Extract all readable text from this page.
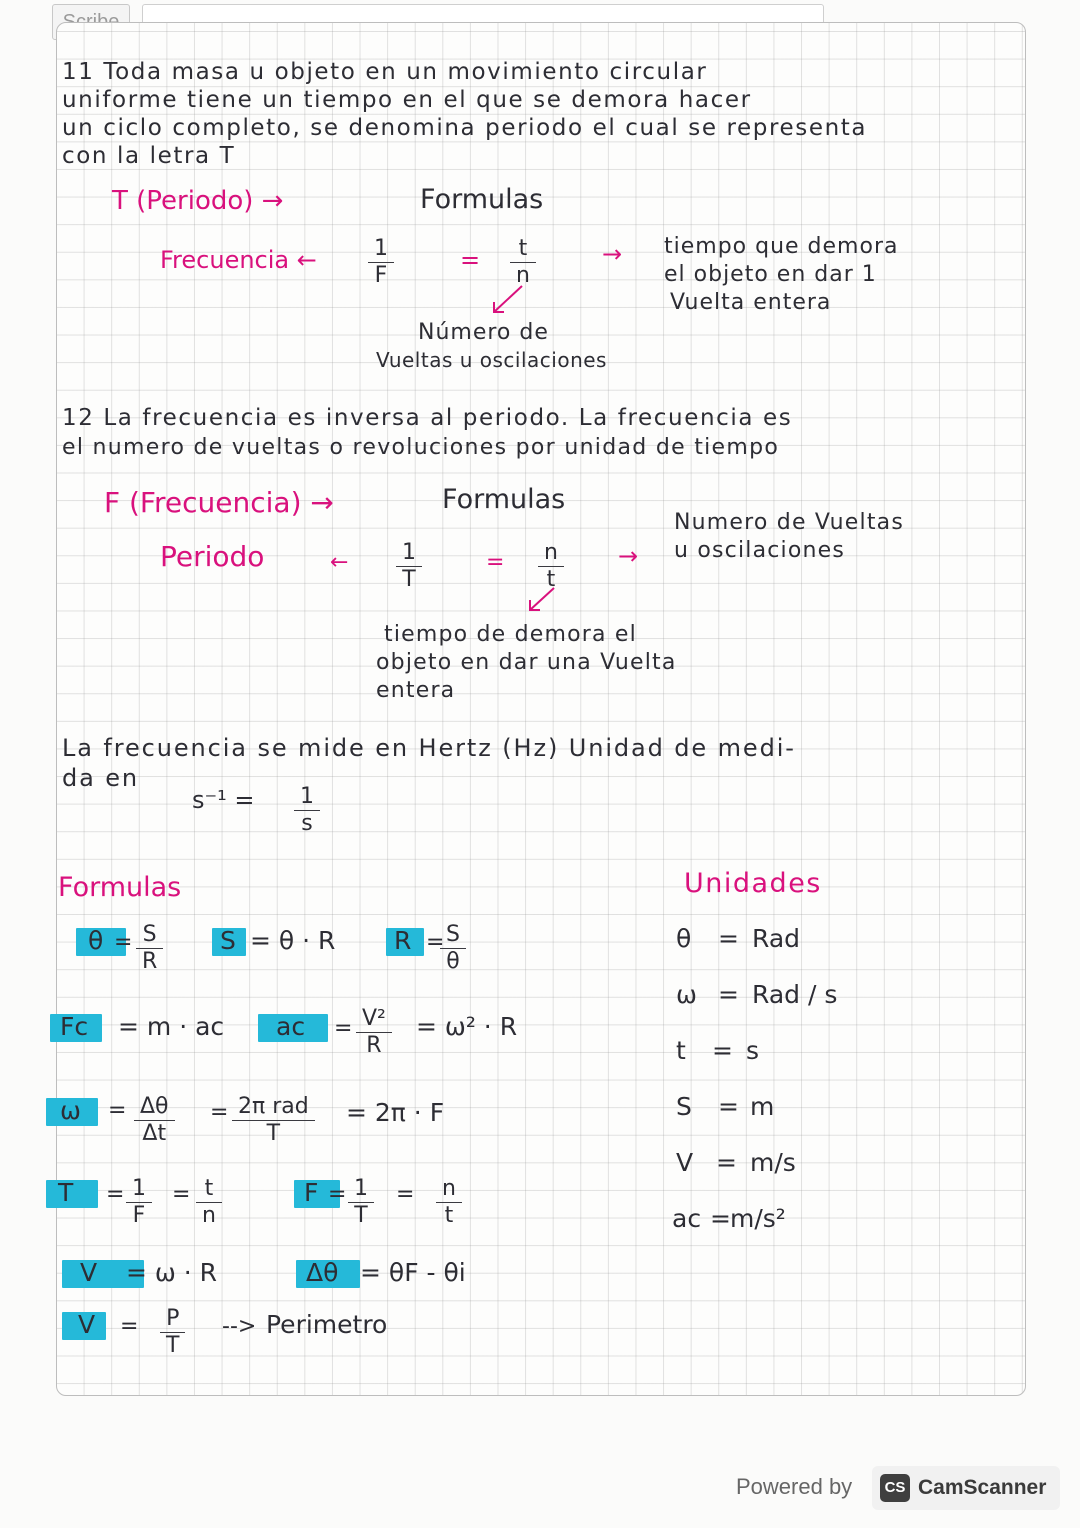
11 Toda masa u objeto en un movimiento circular
uniforme tiene un tiempo en el que se demora hacer
un ciclo completo, se denomina periodo el cual se representa
con la letra T
T (Periodo) →	Formulas
Frecuencia ← $\frac{1}{F}$	= $\frac{t}{n}$	→ tiempo que demora
el objeto en dar 1
Vuelta entera
Número de
Vueltas u oscilaciones
12 La frecuencia es inversa al periodo. La frecuencia es
el numero de vueltas o revoluciones por unidad de tiempo
F (Frecuencia) →	Formulas
Periodo	← $\frac{1}{T}$	= $\frac{n}{t}$ →
Numero de Vueltas
u oscilaciones
tiempo de demora el
objeto en dar una Vuelta
entera
La frecuencia se mide en Hertz (Hz) Unidad de medi-
da en
$s^{-1} = \frac{1}{s}$
Formulas
$\theta = \frac{S}{R}$ S = θ · R R =
$\frac{S}{\theta}$
Fc = m · ac ac = $\frac{\text{V²}}{R} = \omega^2 \cdot R$
$\omega = \frac{\Delta\theta}{\Delta t} = 2\pi$ rad
T
= 2π · F
$T = \frac{1}{F} = \frac{t}{n}$	$F = \frac{1}{T} = \frac{n}{t}$
V = ω · R	Δθ = θF - θi
$V = \frac{P}{T}$ --> Perimetro
Unidades
θ = Rad
ω = Rad / s
t = s
S = m
V = m/s
ac = m/s²
Powered by	CS CamScanner
